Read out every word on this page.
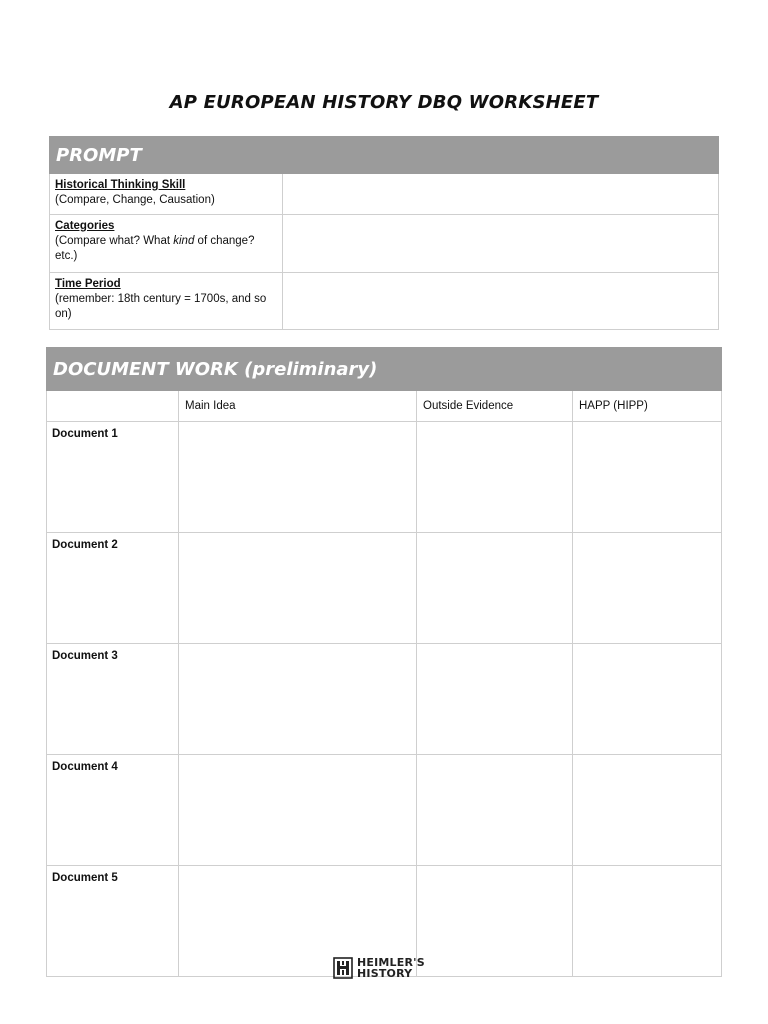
AP EUROPEAN HISTORY DBQ WORKSHEET
PROMPT	

Historical Thinking Skill
(Compare, Change, Causation)	

Categories
(Compare what? What kind of change? etc.)	

Time Period
(remember: 18th century = 1700s, and so on)	
DOCUMENT WORK (preliminary)			
	Main Idea	Outside Evidence	HAPP (HIPP)
Document 1			
Document 2			
Document 3			
Document 4			
Document 5			
HEIMLER'S
HISTORY
